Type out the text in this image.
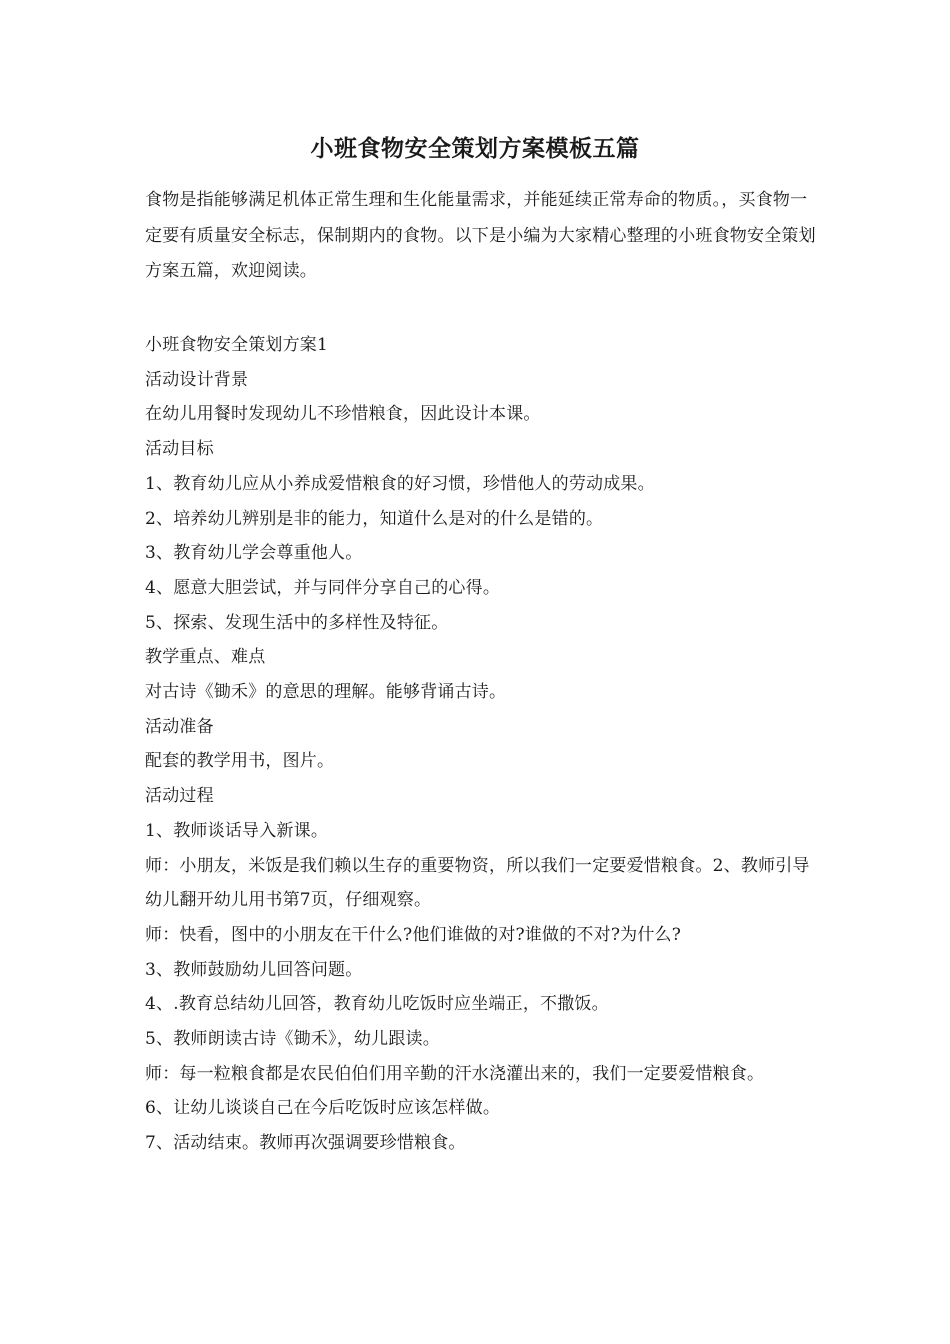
小班食物安全策划方案模板五篇

食物是指能够满足机体正常生理和生化能量需求，并能延续正常寿命的物质。，买食物一定要有质量安全标志，保制期内的食物。以下是小编为大家精心整理的小班食物安全策划方案五篇，欢迎阅读。

小班食物安全策划方案1
活动设计背景
在幼儿用餐时发现幼儿不珍惜粮食，因此设计本课。
活动目标
1、教育幼儿应从小养成爱惜粮食的好习惯，珍惜他人的劳动成果。
2、培养幼儿辨别是非的能力，知道什么是对的什么是错的。
3、教育幼儿学会尊重他人。
4、愿意大胆尝试，并与同伴分享自己的心得。
5、探索、发现生活中的多样性及特征。
教学重点、难点
对古诗《锄禾》的意思的理解。能够背诵古诗。
活动准备
配套的教学用书，图片。
活动过程
1、教师谈话导入新课。
师：小朋友，米饭是我们赖以生存的重要物资，所以我们一定要爱惜粮食。2、教师引导幼儿翻开幼儿用书第7页，仔细观察。
师：快看，图中的小朋友在干什么?他们谁做的对?谁做的不对?为什么?
3、教师鼓励幼儿回答问题。
4、.教育总结幼儿回答，教育幼儿吃饭时应坐端正，不撒饭。
5、教师朗读古诗《锄禾》，幼儿跟读。
师：每一粒粮食都是农民伯伯们用辛勤的汗水浇灌出来的，我们一定要爱惜粮食。
6、让幼儿谈谈自己在今后吃饭时应该怎样做。
7、活动结束。教师再次强调要珍惜粮食。
